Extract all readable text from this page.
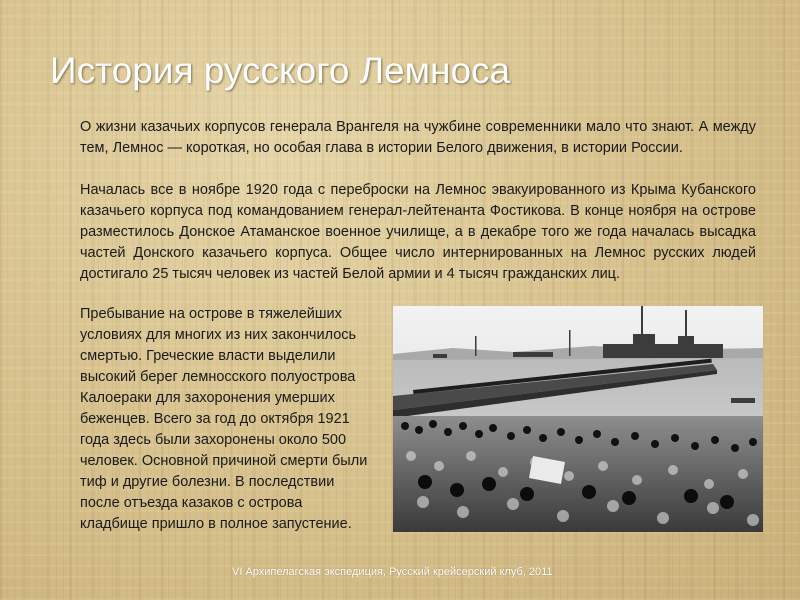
История русского Лемноса

О жизни казачьих корпусов генерала Врангеля на чужбине современники мало что знают. А между тем, Лемнос — короткая, но особая глава в истории Белого движения, в истории России.

Началась все в ноябре 1920 года с переброски на Лемнос эвакуированного из Крыма Кубанского казачьего корпуса под командованием генерал-лейтенанта Фостикова. В конце ноября на острове разместилось Донское Атаманское военное училище, а в декабре того же года началась высадка частей Донского казачьего корпуса. Общее число интернированных на Лемнос русских людей достигало 25 тысяч человек из частей Белой армии и 4 тысяч гражданских лиц.

Пребывание на острове в тяжелейших условиях для многих из них закончилось смертью. Греческие власти выделили высокий берег лемносского полуострова Калоераки для захоронения умерших беженцев. Всего за год до октября 1921 года здесь были захоронены около 500 человек. Основной причиной смерти были тиф и другие болезни. В последствии после отъезда казаков с острова кладбище пришло в полное запустение.

VI Архипелагская экспедиция, Русский крейсерский клуб, 2011
